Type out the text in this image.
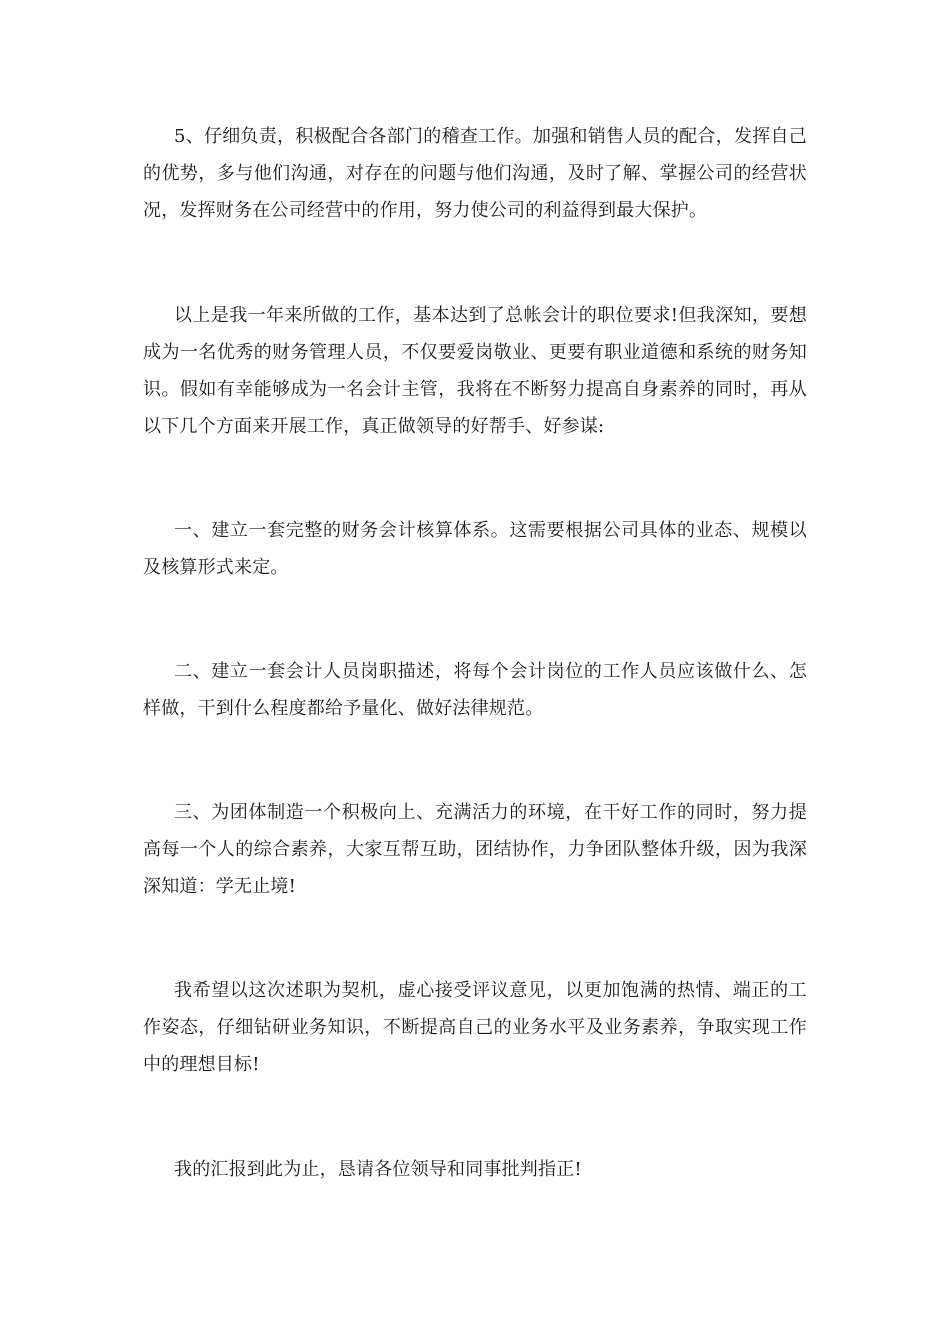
5、仔细负责，积极配合各部门的稽查工作。加强和销售人员的配合，发挥自己的优势，多与他们沟通，对存在的问题与他们沟通，及时了解、掌握公司的经营状况，发挥财务在公司经营中的作用，努力使公司的利益得到最大保护。

以上是我一年来所做的工作，基本达到了总帐会计的职位要求!但我深知，要想成为一名优秀的财务管理人员，不仅要爱岗敬业、更要有职业道德和系统的财务知识。假如有幸能够成为一名会计主管，我将在不断努力提高自身素养的同时，再从以下几个方面来开展工作，真正做领导的好帮手、好参谋:

一、建立一套完整的财务会计核算体系。这需要根据公司具体的业态、规模以及核算形式来定。

二、建立一套会计人员岗职描述，将每个会计岗位的工作人员应该做什么、怎样做，干到什么程度都给予量化、做好法律规范。

三、为团体制造一个积极向上、充满活力的环境，在干好工作的同时，努力提高每一个人的综合素养，大家互帮互助，团结协作，力争团队整体升级，因为我深深知道：学无止境!

我希望以这次述职为契机，虚心接受评议意见，以更加饱满的热情、端正的工作姿态，仔细钻研业务知识，不断提高自己的业务水平及业务素养，争取实现工作中的理想目标!

我的汇报到此为止，恳请各位领导和同事批判指正!
